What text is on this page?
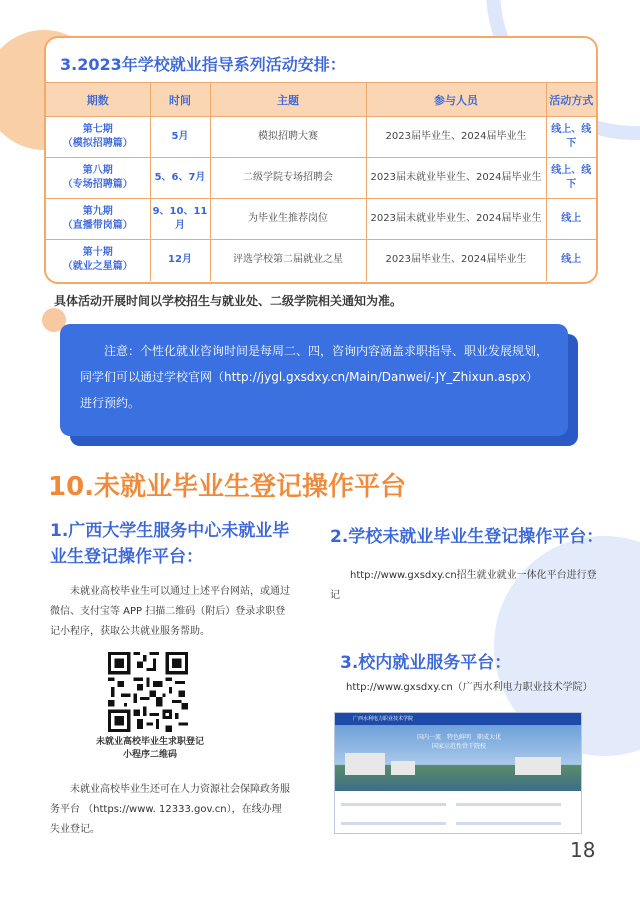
3.2023年学校就业指导系列活动安排：
期数	时间	主题	参与人员	活动方式
第七期
（模拟招聘篇）	5月	模拟招聘大赛	2023届毕业生、2024届毕业生	线上、线下
第八期
（专场招聘篇）	5、6、7月	二级学院专场招聘会	2023届未就业毕业生、2024届毕业生	线上、线下
第九期
（直播带岗篇）	9、10、11月	为毕业生推荐岗位	2023届未就业毕业生、2024届毕业生	线上
第十期
（就业之星篇）	12月	评选学校第二届就业之星	2023届毕业生、2024届毕业生	线上
具体活动开展时间以学校招生与就业处、二级学院相关通知为准。
注意：个性化就业咨询时间是每周二、四，咨询内容涵盖求职指导、职业发展规划，同学们可以通过学校官网（http://jygl.gxsdxy.cn/Main/Danwei/-JY_Zhixun.aspx）进行预约。
10.未就业毕业生登记操作平台
1.广西大学生服务中心未就业毕业生登记操作平台：
未就业高校毕业生可以通过上述平台网站，或通过微信、支付宝等 APP 扫描二维码（附后）登录求职登记小程序，获取公共就业服务帮助。
未就业高校毕业生求职登记
小程序二维码
未就业高校毕业生还可在人力资源社会保障政务服务平台 （https://www. 12333.gov.cn），在线办理失业登记。
2.学校未就业毕业生登记操作平台：
http://www.gxsdxy.cn招生就业就业一体化平台进行登记
3.校内就业服务平台：
http://www.gxsdxy.cn（广西水利电力职业技术学院）
广西水利电力职业技术学院
国内一流　特色鲜明　职成大优
国家示范性骨干院校

18
